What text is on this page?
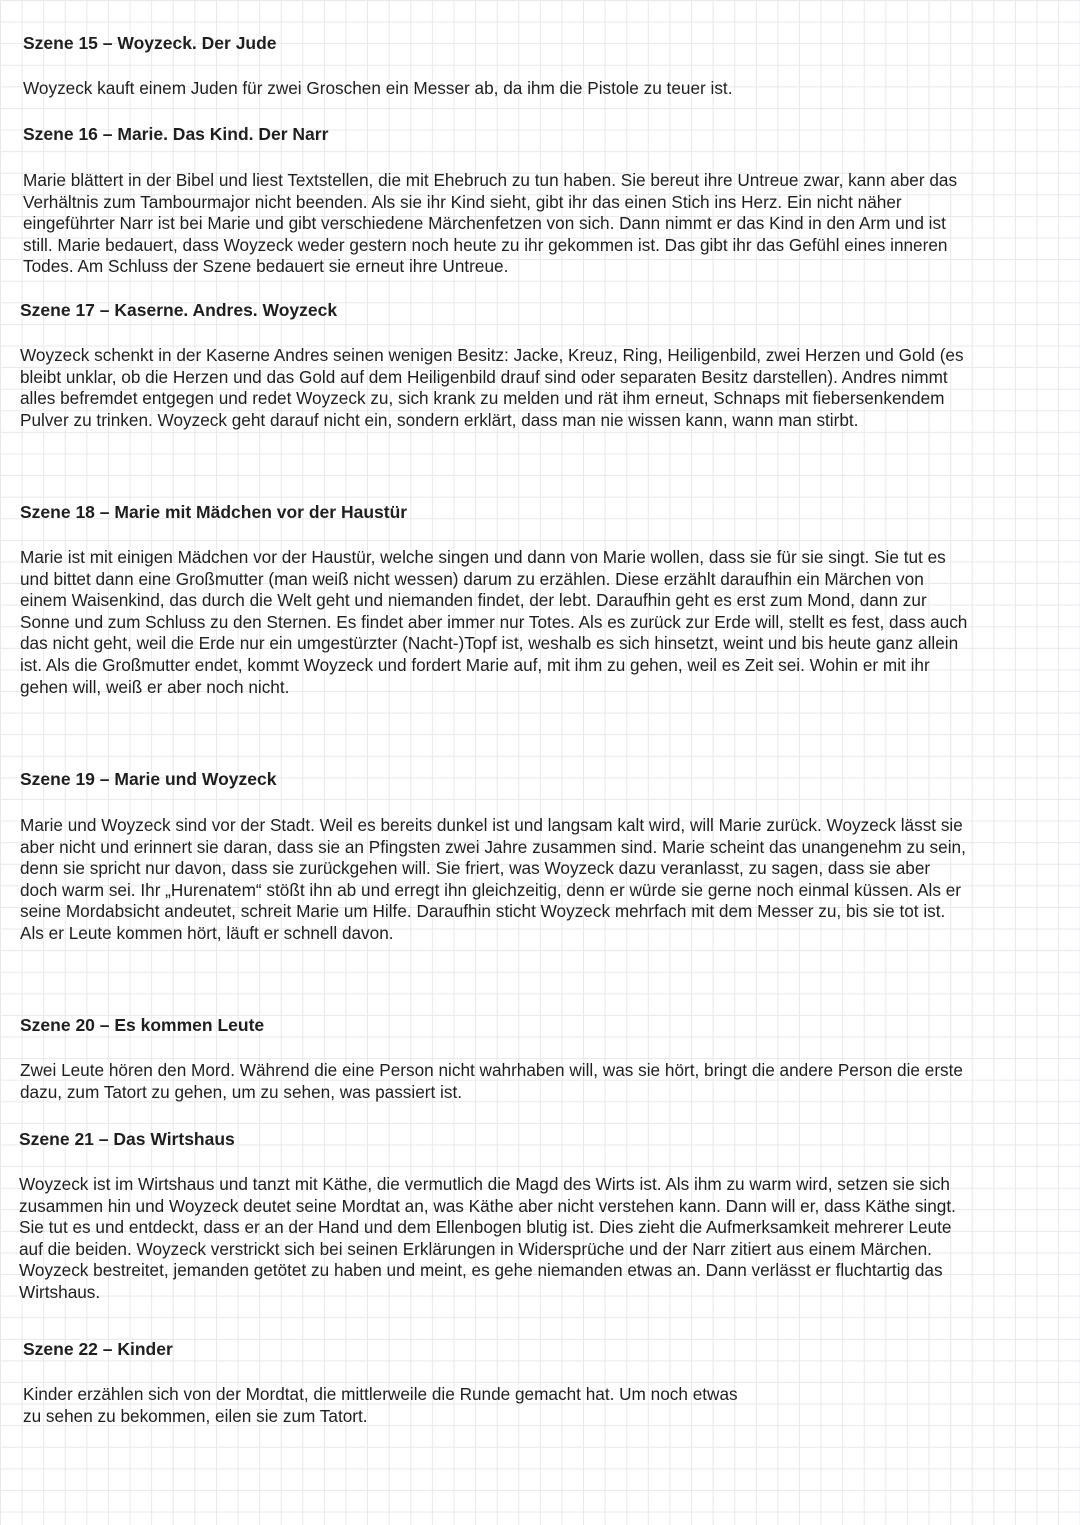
Szene 15 – Woyzeck. Der Jude
Woyzeck kauft einem Juden für zwei Groschen ein Messer ab, da ihm die Pistole zu teuer ist.
Szene 16 – Marie. Das Kind. Der Narr
Marie blättert in der Bibel und liest Textstellen, die mit Ehebruch zu tun haben. Sie bereut ihre Untreue zwar, kann aber das
Verhältnis zum Tambourmajor nicht beenden. Als sie ihr Kind sieht, gibt ihr das einen Stich ins Herz. Ein nicht näher
eingeführter Narr ist bei Marie und gibt verschiedene Märchenfetzen von sich. Dann nimmt er das Kind in den Arm und ist
still. Marie bedauert, dass Woyzeck weder gestern noch heute zu ihr gekommen ist. Das gibt ihr das Gefühl eines inneren
Todes. Am Schluss der Szene bedauert sie erneut ihre Untreue.
Szene 17 – Kaserne. Andres. Woyzeck
Woyzeck schenkt in der Kaserne Andres seinen wenigen Besitz: Jacke, Kreuz, Ring, Heiligenbild, zwei Herzen und Gold (es
bleibt unklar, ob die Herzen und das Gold auf dem Heiligenbild drauf sind oder separaten Besitz darstellen). Andres nimmt
alles befremdet entgegen und redet Woyzeck zu, sich krank zu melden und rät ihm erneut, Schnaps mit fiebersenkendem
Pulver zu trinken. Woyzeck geht darauf nicht ein, sondern erklärt, dass man nie wissen kann, wann man stirbt.
Szene 18 – Marie mit Mädchen vor der Haustür
Marie ist mit einigen Mädchen vor der Haustür, welche singen und dann von Marie wollen, dass sie für sie singt. Sie tut es
und bittet dann eine Großmutter (man weiß nicht wessen) darum zu erzählen. Diese erzählt daraufhin ein Märchen von
einem Waisenkind, das durch die Welt geht und niemanden findet, der lebt. Daraufhin geht es erst zum Mond, dann zur
Sonne und zum Schluss zu den Sternen. Es findet aber immer nur Totes. Als es zurück zur Erde will, stellt es fest, dass auch
das nicht geht, weil die Erde nur ein umgestürzter (Nacht-)Topf ist, weshalb es sich hinsetzt, weint und bis heute ganz allein
ist. Als die Großmutter endet, kommt Woyzeck und fordert Marie auf, mit ihm zu gehen, weil es Zeit sei. Wohin er mit ihr
gehen will, weiß er aber noch nicht.
Szene 19 – Marie und Woyzeck
Marie und Woyzeck sind vor der Stadt. Weil es bereits dunkel ist und langsam kalt wird, will Marie zurück. Woyzeck lässt sie
aber nicht und erinnert sie daran, dass sie an Pfingsten zwei Jahre zusammen sind. Marie scheint das unangenehm zu sein,
denn sie spricht nur davon, dass sie zurückgehen will. Sie friert, was Woyzeck dazu veranlasst, zu sagen, dass sie aber
doch warm sei. Ihr „Hurenatem“ stößt ihn ab und erregt ihn gleichzeitig, denn er würde sie gerne noch einmal küssen. Als er
seine Mordabsicht andeutet, schreit Marie um Hilfe. Daraufhin sticht Woyzeck mehrfach mit dem Messer zu, bis sie tot ist.
Als er Leute kommen hört, läuft er schnell davon.
Szene 20 – Es kommen Leute
Zwei Leute hören den Mord. Während die eine Person nicht wahrhaben will, was sie hört, bringt die andere Person die erste
dazu, zum Tatort zu gehen, um zu sehen, was passiert ist.
Szene 21 – Das Wirtshaus
Woyzeck ist im Wirtshaus und tanzt mit Käthe, die vermutlich die Magd des Wirts ist. Als ihm zu warm wird, setzen sie sich
zusammen hin und Woyzeck deutet seine Mordtat an, was Käthe aber nicht verstehen kann. Dann will er, dass Käthe singt.
Sie tut es und entdeckt, dass er an der Hand und dem Ellenbogen blutig ist. Dies zieht die Aufmerksamkeit mehrerer Leute
auf die beiden. Woyzeck verstrickt sich bei seinen Erklärungen in Widersprüche und der Narr zitiert aus einem Märchen.
Woyzeck bestreitet, jemanden getötet zu haben und meint, es gehe niemanden etwas an. Dann verlässt er fluchtartig das
Wirtshaus.
Szene 22 – Kinder
Kinder erzählen sich von der Mordtat, die mittlerweile die Runde gemacht hat. Um noch etwas
zu sehen zu bekommen, eilen sie zum Tatort.
